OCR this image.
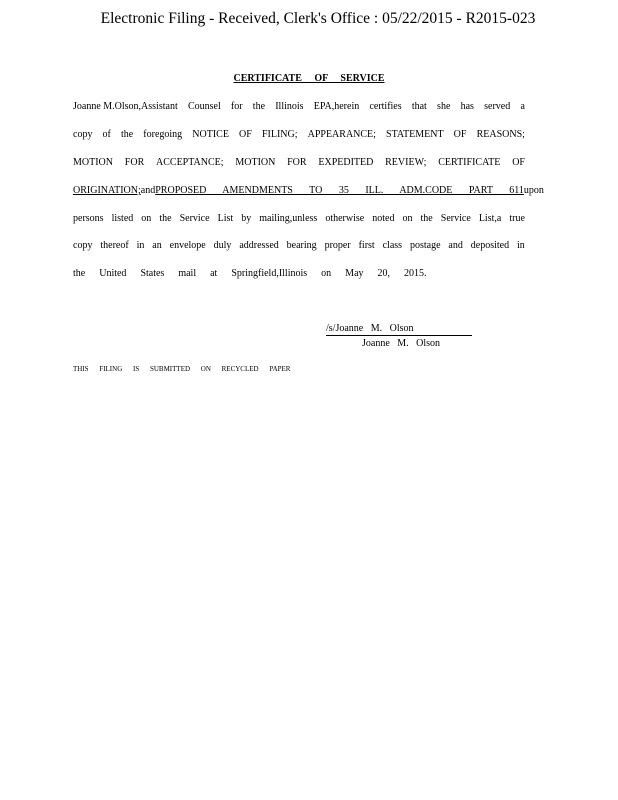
Electronic Filing - Received, Clerk's Office : 05/22/2015 - R2015-023
CERTIFICATE OF SERVICE
Joanne M.Olson,Assistant Counsel for the Illinois EPA,herein certifies that she has served a
copy of the foregoing NOTICE OF FILING; APPEARANCE; STATEMENT OF REASONS;
MOTION FOR ACCEPTANCE; MOTION FOR EXPEDITED REVIEW; CERTIFICATE OF
ORIGINATION; and PROPOSED AMENDMENTS TO 35 ILL. ADM.CODE PART 611 upon
persons listed on the Service List by mailing,unless otherwise noted on the Service List,a true
copy thereof in an envelope duly addressed bearing proper first class postage and deposited in
the United States mail at Springfield,Illinois on May 20, 2015.
/s/Joanne M. Olson
Joanne M. Olson
THIS FILING IS SUBMITTED ON RECYCLED PAPER
